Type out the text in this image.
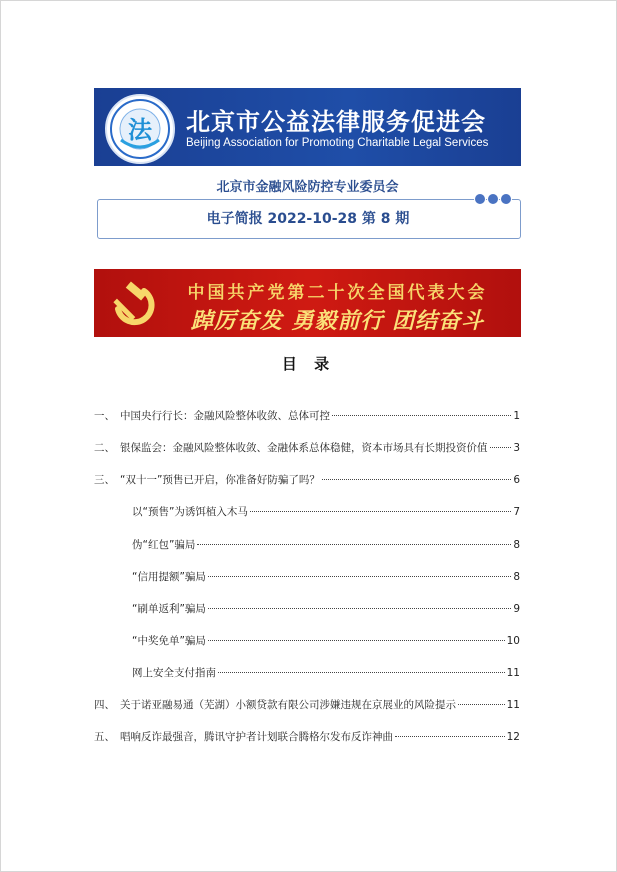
法 北京市公益法律服务促进会
Beijing Association for Promoting Charitable Legal Services
北京市金融风险防控专业委员会
电子简报 2022-10-28 第 8 期
中国共产党第二十次全国代表大会
踔厉奋发 勇毅前行 团结奋斗
目 录
一、 中国央行行长：金融风险整体收敛、总体可控	1
二、 银保监会：金融风险整体收敛、金融体系总体稳健，资本市场具有长期投资价值 3
三、 “双十一”预售已开启，你准备好防骗了吗？	6
以“预售”为诱饵植入木马	7
伪“红包”骗局	8
“信用提额”骗局	8
“刷单返利”骗局	9
“中奖免单”骗局	10
网上安全支付指南	11
四、 关于诺亚融易通（芜湖）小额贷款有限公司涉嫌违规在京展业的风险提示	11
五、 唱响反诈最强音，腾讯守护者计划联合腾格尔发布反诈神曲	12
